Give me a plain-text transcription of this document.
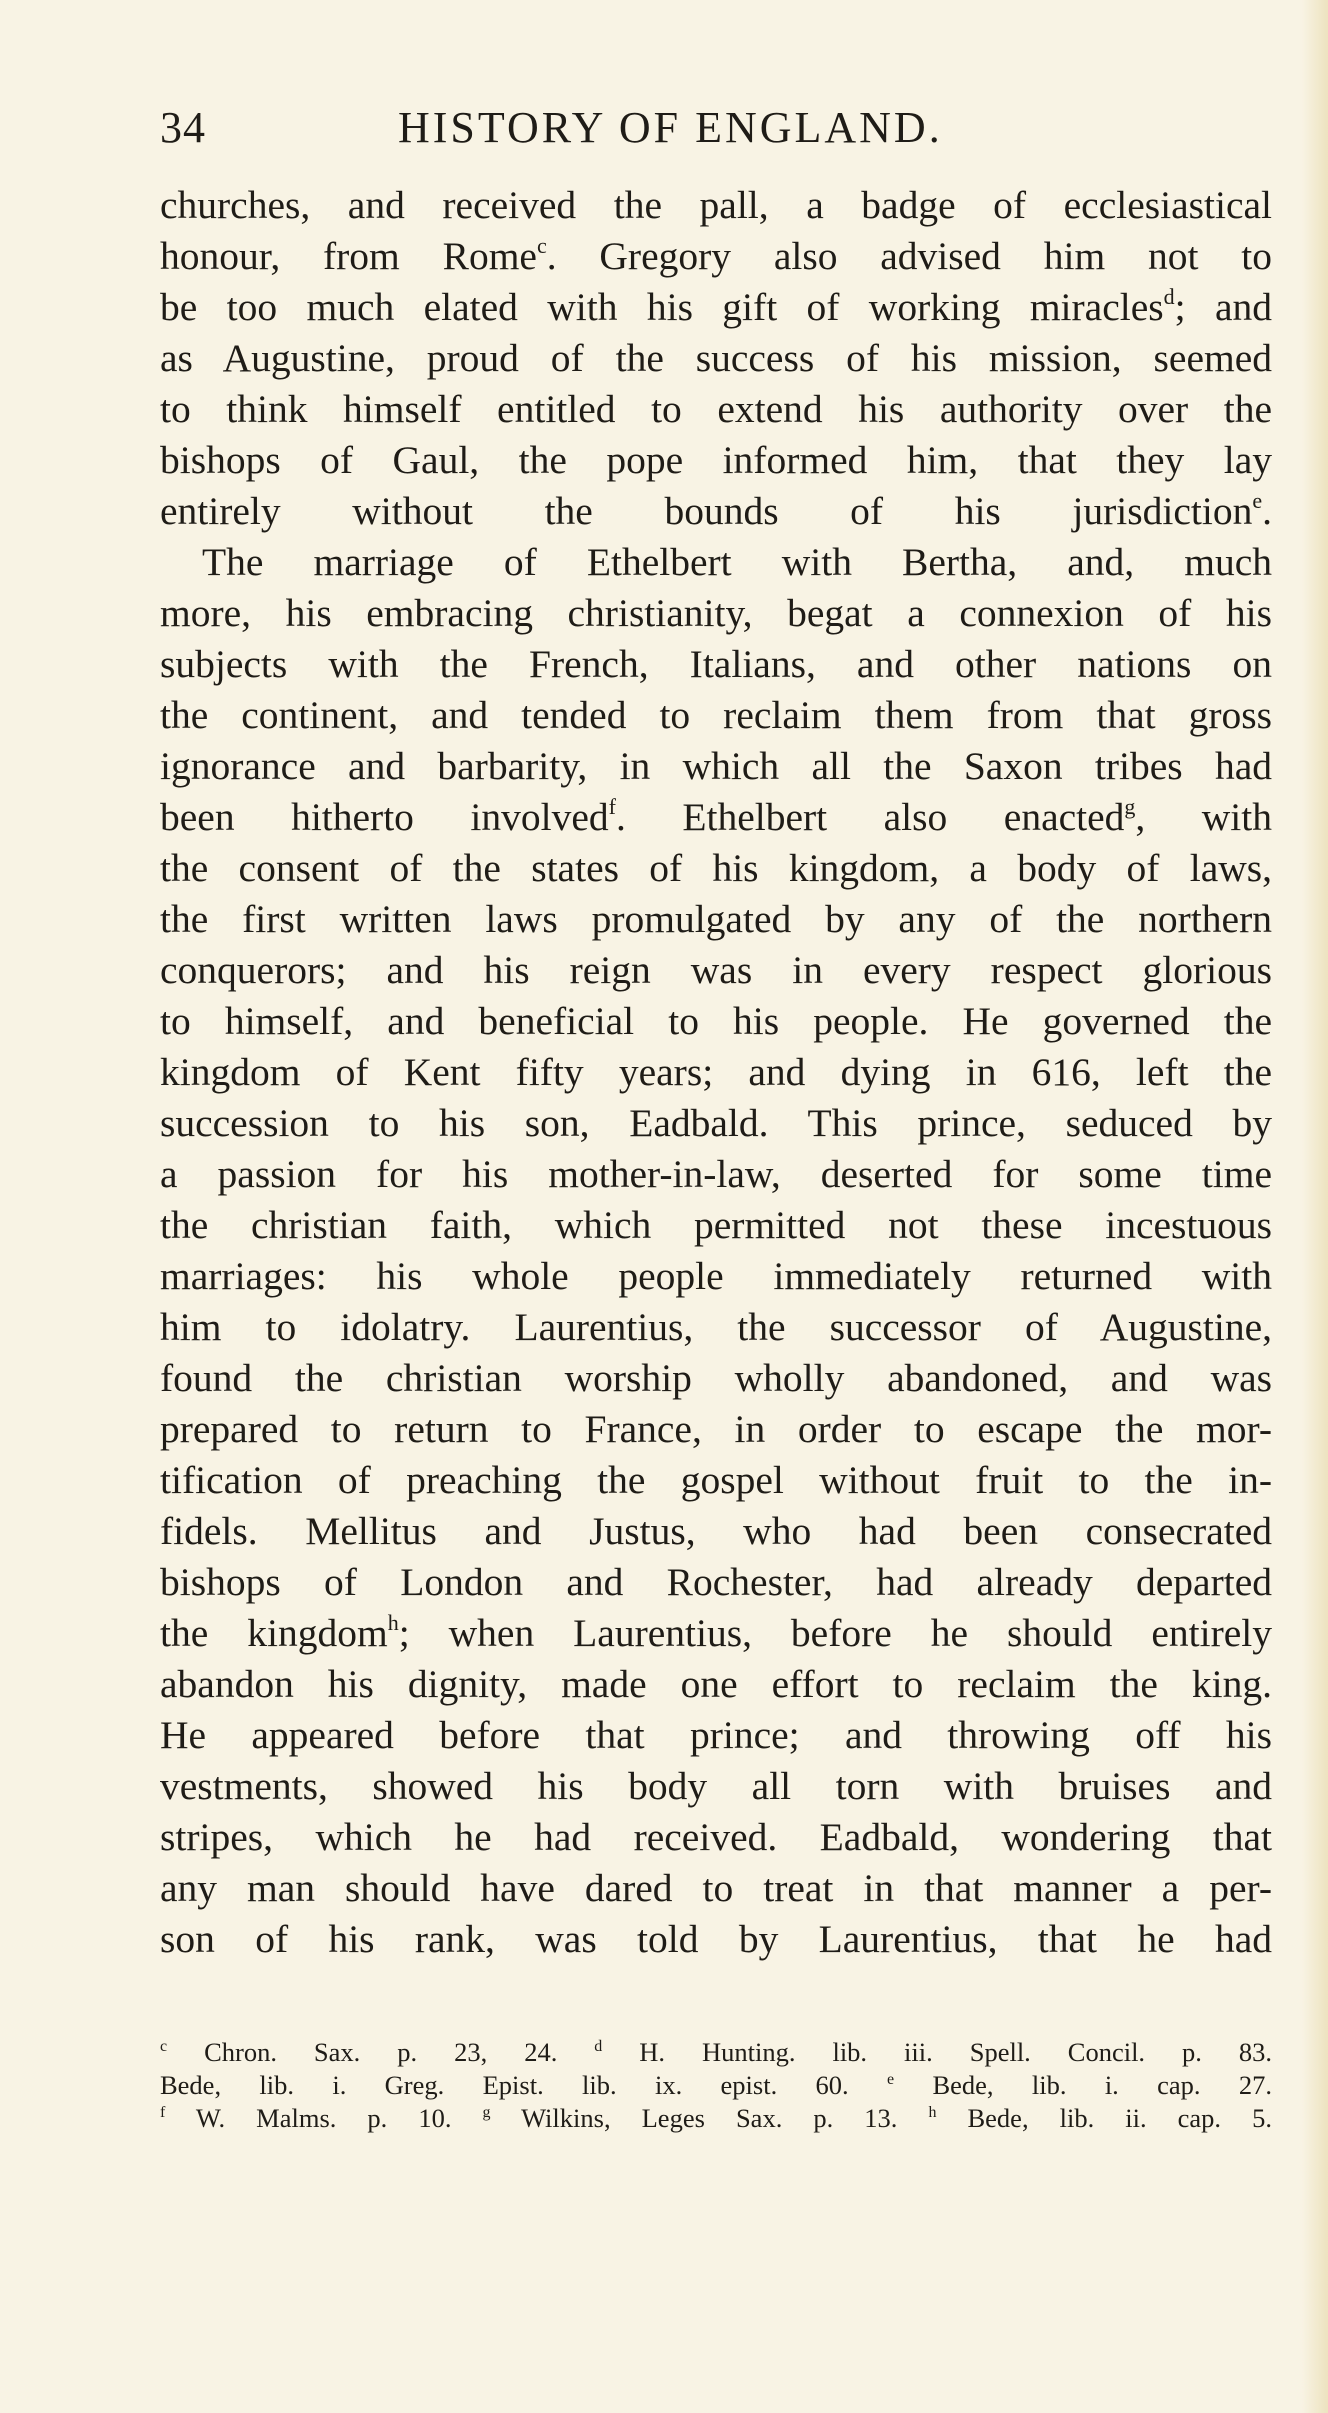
34	HISTORY OF ENGLAND.
churches, and received the pall, a badge of ecclesiastical
honour, from Rome$^c$. Gregory also advised him not to
be too much elated with his gift of working miracles$^d$; and
as Augustine, proud of the success of his mission, seemed
to think himself entitled to extend his authority over the
bishops of Gaul, the pope informed him, that they lay
entirely without the bounds of his jurisdiction$^e$.
The marriage of Ethelbert with Bertha, and, much
more, his embracing christianity, begat a connexion of his
subjects with the French, Italians, and other nations on
the continent, and tended to reclaim them from that gross
ignorance and barbarity, in which all the Saxon tribes had
been hitherto involved$^f$. Ethelbert also enacted$^g$, with
the consent of the states of his kingdom, a body of laws,
the first written laws promulgated by any of the northern
conquerors; and his reign was in every respect glorious
to himself, and beneficial to his people. He governed the
kingdom of Kent fifty years; and dying in 616, left the
succession to his son, Eadbald. This prince, seduced by
a passion for his mother-in-law, deserted for some time
the christian faith, which permitted not these incestuous
marriages: his whole people immediately returned with
him to idolatry. Laurentius, the successor of Augustine,
found the christian worship wholly abandoned, and was
prepared to return to France, in order to escape the mor-
tification of preaching the gospel without fruit to the in-
fidels. Mellitus and Justus, who had been consecrated
bishops of London and Rochester, had already departed
the kingdom$^h$; when Laurentius, before he should entirely
abandon his dignity, made one effort to reclaim the king.
He appeared before that prince; and throwing off his
vestments, showed his body all torn with bruises and
stripes, which he had received. Eadbald, wondering that
any man should have dared to treat in that manner a per-
son of his rank, was told by Laurentius, that he had
$^c$ Chron. Sax. p. 23, 24. $^d$ H. Hunting. lib. iii. Spell. Concil. p. 83.
Bede, lib. i. Greg. Epist. lib. ix. epist. 60. $^e$ Bede, lib. i. cap. 27.
$^f$ W. Malms. p. 10. $^g$ Wilkins, Leges Sax. p. 13. $^h$ Bede, lib. ii. cap. 5.
